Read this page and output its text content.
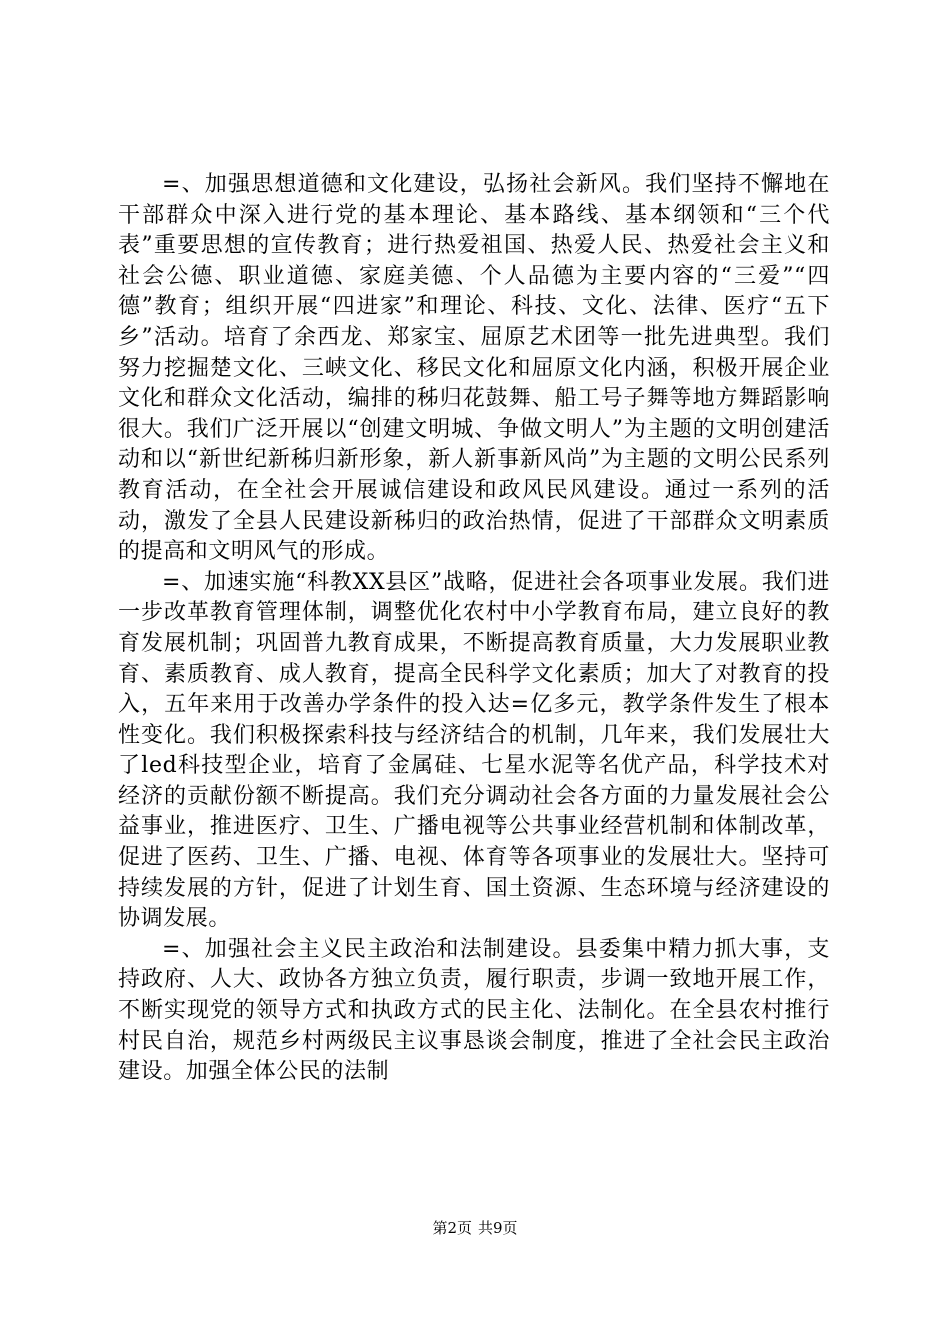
=、加强思想道德和文化建设，弘扬社会新风。我们坚持不懈地在干部群众中深入进行党的基本理论、基本路线、基本纲领和“三个代表”重要思想的宣传教育；进行热爱祖国、热爱人民、热爱社会主义和社会公德、职业道德、家庭美德、个人品德为主要内容的“三爱”“四德”教育；组织开展“四进家”和理论、科技、文化、法律、医疗“五下乡”活动。培育了余西龙、郑家宝、屈原艺术团等一批先进典型。我们努力挖掘楚文化、三峡文化、移民文化和屈原文化内涵，积极开展企业文化和群众文化活动，编排的秭归花鼓舞、船工号子舞等地方舞蹈影响很大。我们广泛开展以“创建文明城、争做文明人”为主题的文明创建活动和以“新世纪新秭归新形象，新人新事新风尚”为主题的文明公民系列教育活动，在全社会开展诚信建设和政风民风建设。通过一系列的活动，激发了全县人民建设新秭归的政治热情，促进了干部群众文明素质的提高和文明风气的形成。

=、加速实施“科教XX县区”战略，促进社会各项事业发展。我们进一步改革教育管理体制，调整优化农村中小学教育布局，建立良好的教育发展机制；巩固普九教育成果，不断提高教育质量，大力发展职业教育、素质教育、成人教育，提高全民科学文化素质；加大了对教育的投入，五年来用于改善办学条件的投入达=亿多元，教学条件发生了根本性变化。我们积极探索科技与经济结合的机制，几年来，我们发展壮大了led科技型企业，培育了金属硅、七星水泥等名优产品，科学技术对经济的贡献份额不断提高。我们充分调动社会各方面的力量发展社会公益事业，推进医疗、卫生、广播电视等公共事业经营机制和体制改革，促进了医药、卫生、广播、电视、体育等各项事业的发展壮大。坚持可持续发展的方针，促进了计划生育、国土资源、生态环境与经济建设的协调发展。

=、加强社会主义民主政治和法制建设。县委集中精力抓大事，支持政府、人大、政协各方独立负责，履行职责，步调一致地开展工作，不断实现党的领导方式和执政方式的民主化、法制化。在全县农村推行村民自治，规范乡村两级民主议事恳谈会制度，推进了全社会民主政治建设。加强全体公民的法制

第2页 共9页
